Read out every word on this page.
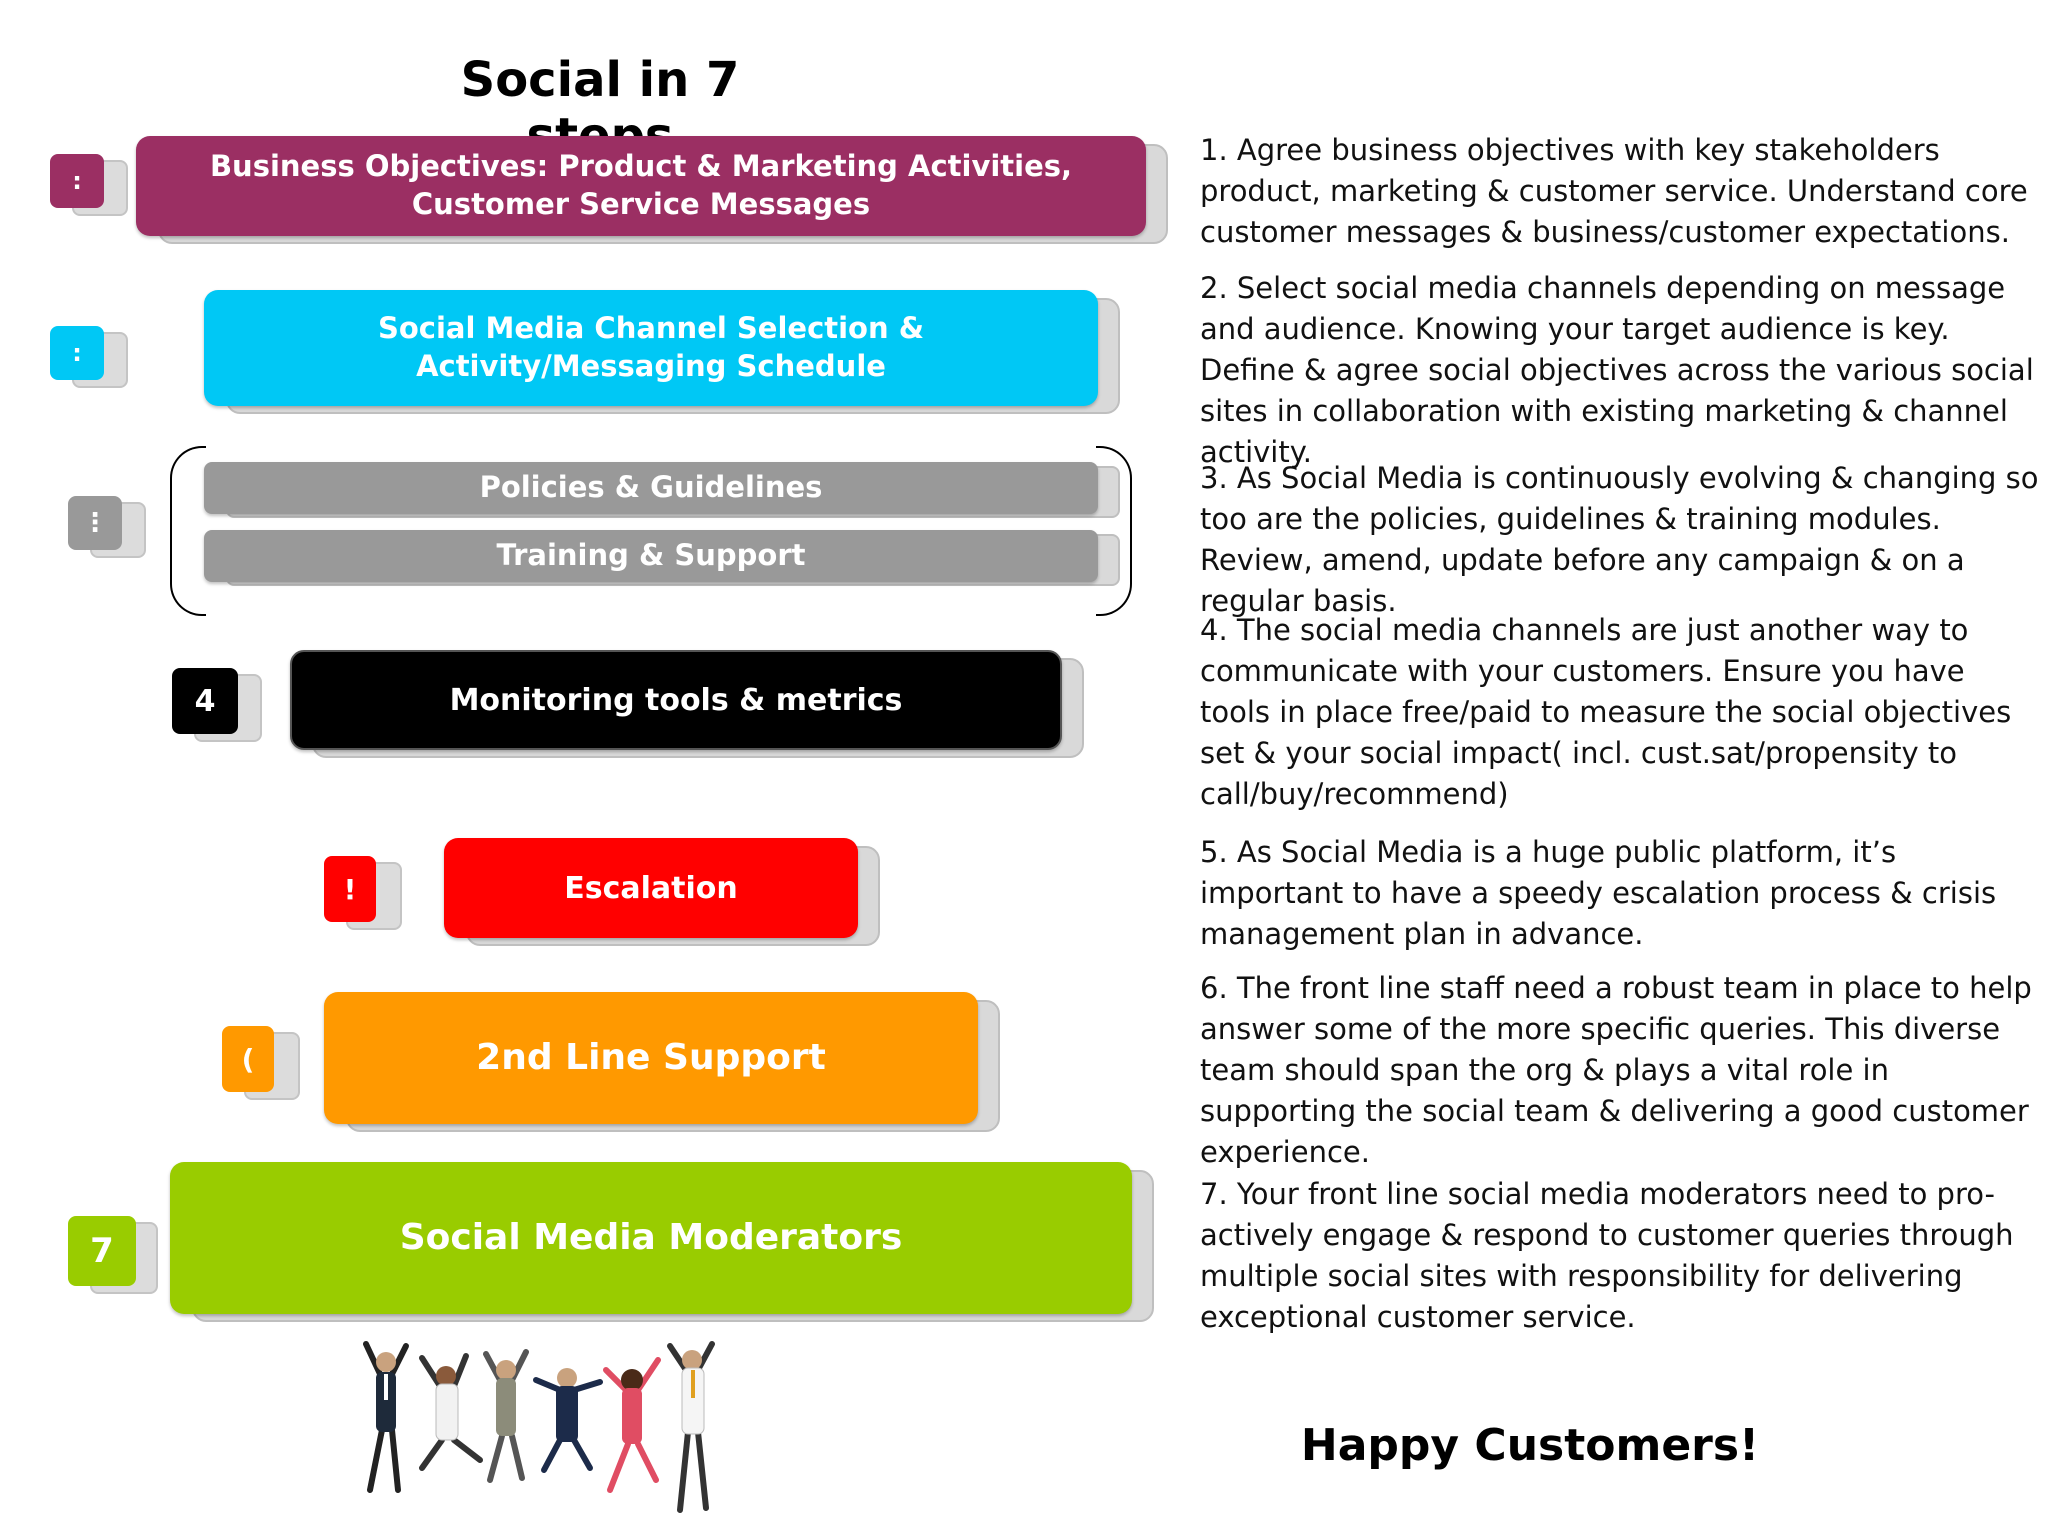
Social in 7
:	Business Objectives: Product & Marketing Activities, Customer Service Messages
:
Social Media Channel Selection & Activity/Messaging Schedule
⋮
Policies & Guidelines
Training & Support
4	Monitoring tools & metrics
!	Escalation
(	2nd Line Support
7	Social Media Moderators
1. Agree business objectives with key stakeholders product, marketing & customer service. Understand core customer messages & business/customer expectations.
2. Select social media channels depending on message and audience. Knowing your target audience is key. Define & agree social objectives across the various social sites in collaboration with existing marketing & channel activity.
3. As Social Media is continuously evolving & changing so too are the policies, guidelines & training modules. Review, amend, update before any campaign & on a regular basis.
4. The social media channels are just another way to communicate with your customers. Ensure you have tools in place free/paid to measure the social objectives set & your social impact( incl. cust.sat/propensity to call/buy/recommend)
5. As Social Media is a huge public platform, it’s important to have a speedy escalation process & crisis management plan in advance.
6. The front line staff need a robust team in place to help answer some of the more specific queries. This diverse team should span the org & plays a vital role in supporting the social team & delivering a good customer experience.
7. Your front line social media moderators need to pro-actively engage & respond to customer queries through multiple social sites with responsibility for delivering exceptional customer service.
Happy Customers!
